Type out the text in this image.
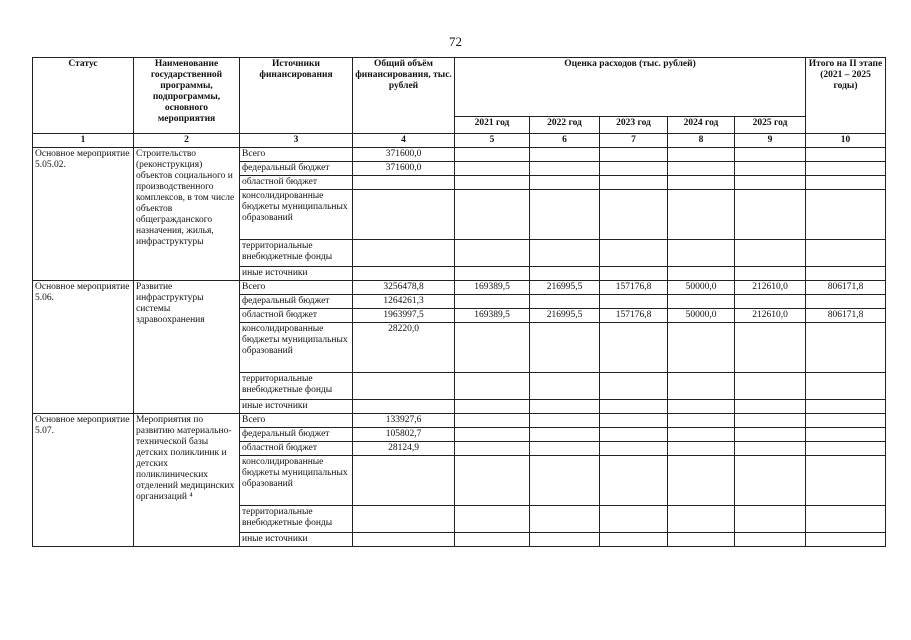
72
Статус	Наименование государственной программы, подпрограммы, основного мероприятия	Источники финансирования	Общий объём финансирования, тыс. рублей	Оценка расходов (тыс. рублей)					Итого на II этапе (2021 – 2025 годы)
				2021 год	2022 год	2023 год	2024 год	2025 год	
1	2	3	4	5	6	7	8	9	10
Основное мероприятие 5.05.02.	Строительство (реконструкция) объектов социального и производственного комплексов, в том числе объектов общегражданского назначения, жилья, инфраструктуры	Всего	371600,0						
		федеральный бюджет	371600,0						
		областной бюджет							
		консолидированные бюджеты муниципальных образований							
		территориальные внебюджетные фонды							
		иные источники							
Основное мероприятие 5.06.	Развитие инфраструктуры системы здравоохранения	Всего	3256478,8	169389,5	216995,5	157176,8	50000,0	212610,0	806171,8
		федеральный бюджет	1264261,3						
		областной бюджет	1963997,5	169389,5	216995,5	157176,8	50000,0	212610,0	806171,8
		консолидированные бюджеты муниципальных образований	28220,0						
		территориальные внебюджетные фонды							
		иные источники							
Основное мероприятие 5.07.	Мероприятия по развитию материально-технической базы детских поликлиник и детских поликлинических отделений медицинских организаций ⁴	Всего	133927,6						
		федеральный бюджет	105802,7						
		областной бюджет	28124,9						
		консолидированные бюджеты муниципальных образований							
		территориальные внебюджетные фонды							
		иные источники							
